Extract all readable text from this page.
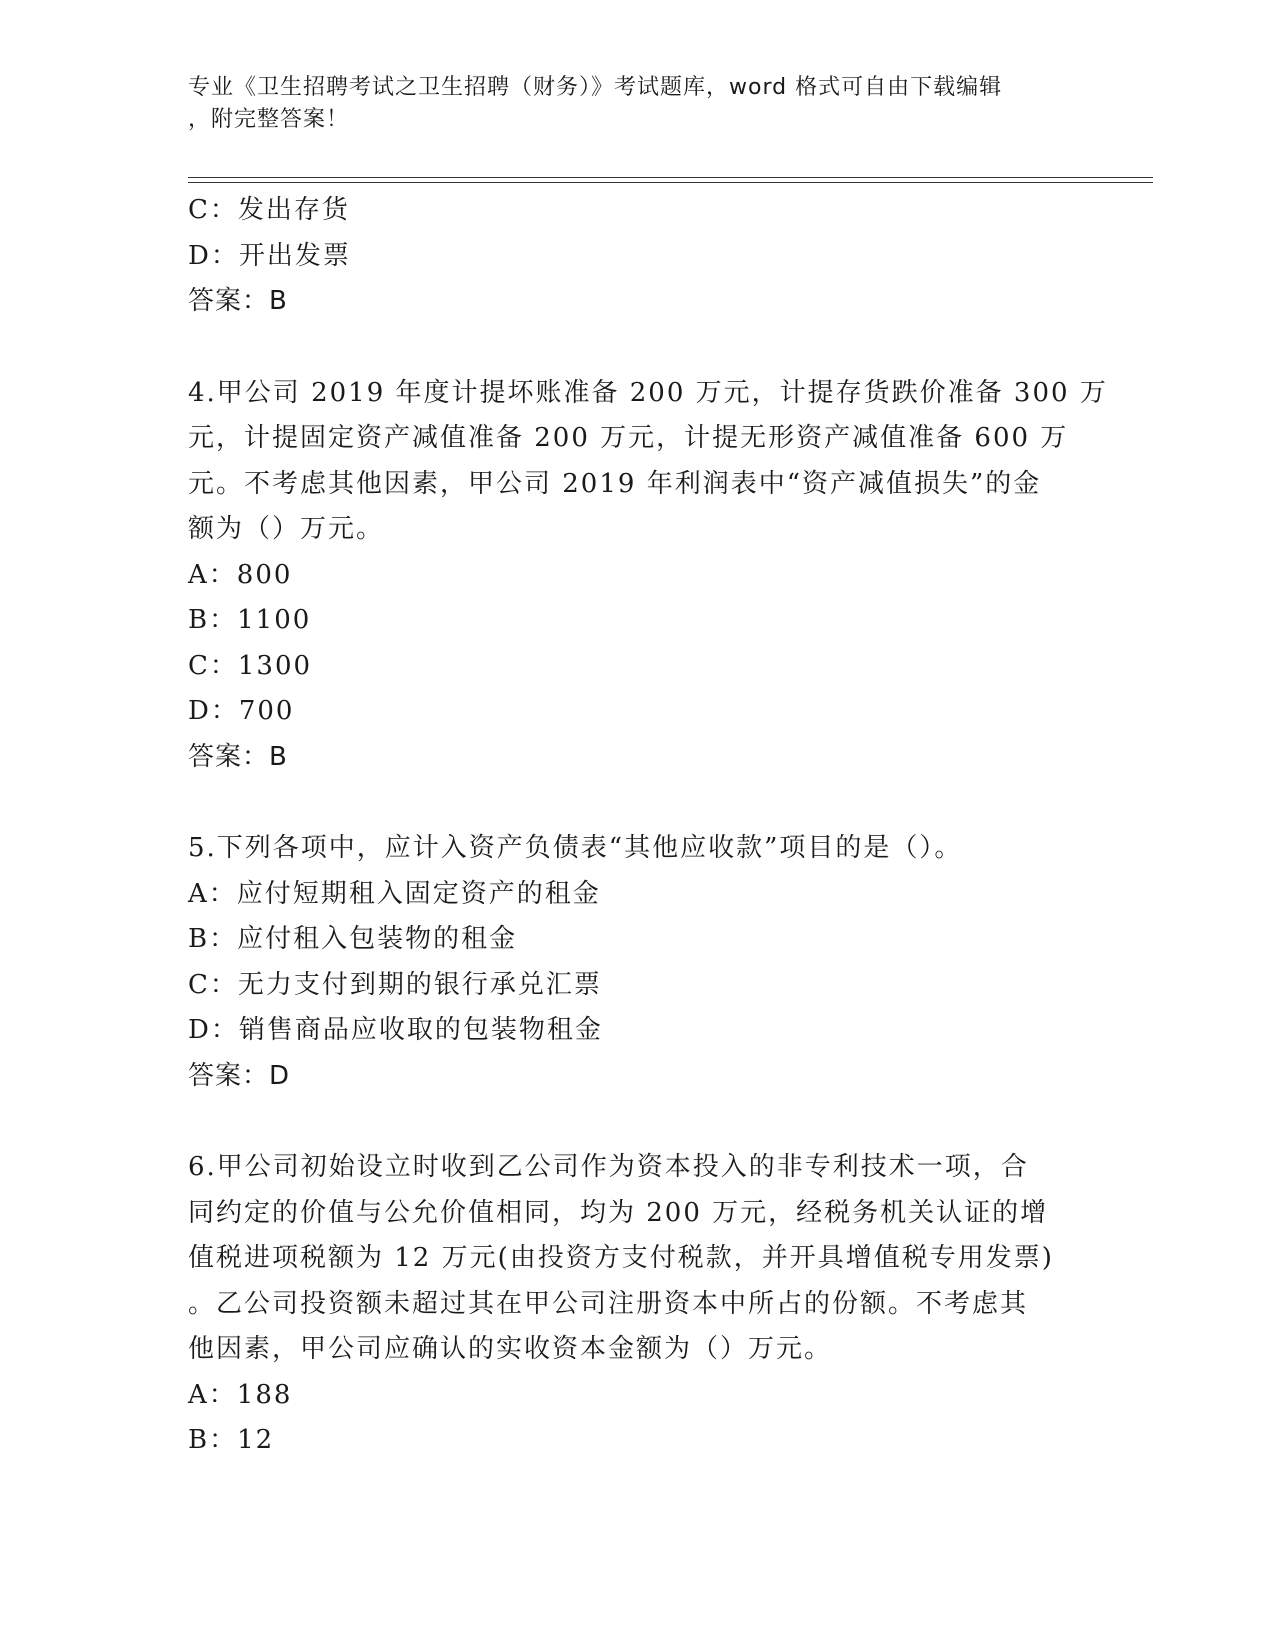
专业《卫生招聘考试之卫生招聘（财务）》考试题库，word 格式可自由下载编辑
，附完整答案！
C：发出存货
D：开出发票
答案：B
4.甲公司 2019 年度计提坏账准备 200 万元，计提存货跌价准备 300 万
元，计提固定资产减值准备 200 万元，计提无形资产减值准备 600 万
元。不考虑其他因素，甲公司 2019 年利润表中“资产减值损失”的金
额为（）万元。
A：800
B：1100
C：1300
D：700
答案：B
5.下列各项中，应计入资产负债表“其他应收款”项目的是（）。
A：应付短期租入固定资产的租金
B：应付租入包装物的租金
C：无力支付到期的银行承兑汇票
D：销售商品应收取的包装物租金
答案：D
6.甲公司初始设立时收到乙公司作为资本投入的非专利技术一项，合
同约定的价值与公允价值相同，均为 200 万元，经税务机关认证的增
值税进项税额为 12 万元(由投资方支付税款，并开具增值税专用发票)
。乙公司投资额未超过其在甲公司注册资本中所占的份额。不考虑其
他因素，甲公司应确认的实收资本金额为（）万元。
A：188
B：12
